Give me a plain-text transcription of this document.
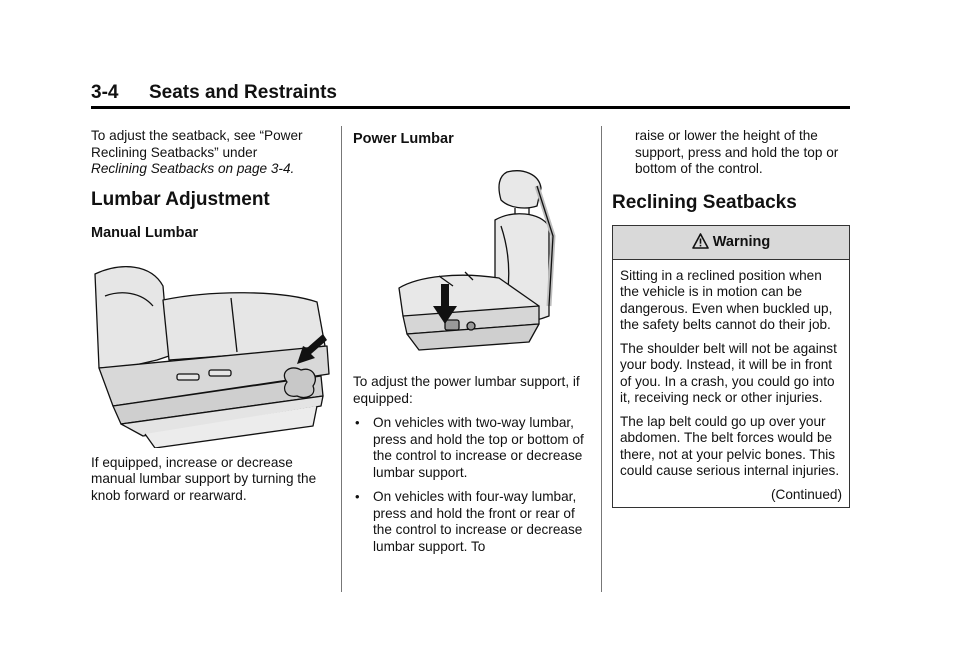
3-4 Seats and Restraints

To adjust the seatback, see “Power Reclining Seatbacks” under
Reclining Seatbacks on page 3-4.

Lumbar Adjustment
Manual Lumbar

If equipped, increase or decrease manual lumbar support by turning the knob forward or rearward.

Power Lumbar

To adjust the power lumbar support, if equipped:

• On vehicles with two-way lumbar, press and hold the top or bottom of the control to increase or decrease lumbar support.

• On vehicles with four-way lumbar, press and hold the front or rear of the control to increase or decrease lumbar support. To

raise or lower the height of the support, press and hold the top or bottom of the control.

Reclining Seatbacks
Warning

Sitting in a reclined position when the vehicle is in motion can be dangerous. Even when buckled up, the safety belts cannot do their job.

The shoulder belt will not be against your body. Instead, it will be in front of you. In a crash, you could go into it, receiving neck or other injuries.

The lap belt could go up over your abdomen. The belt forces would be there, not at your pelvic bones. This could cause serious internal injuries.

(Continued)
